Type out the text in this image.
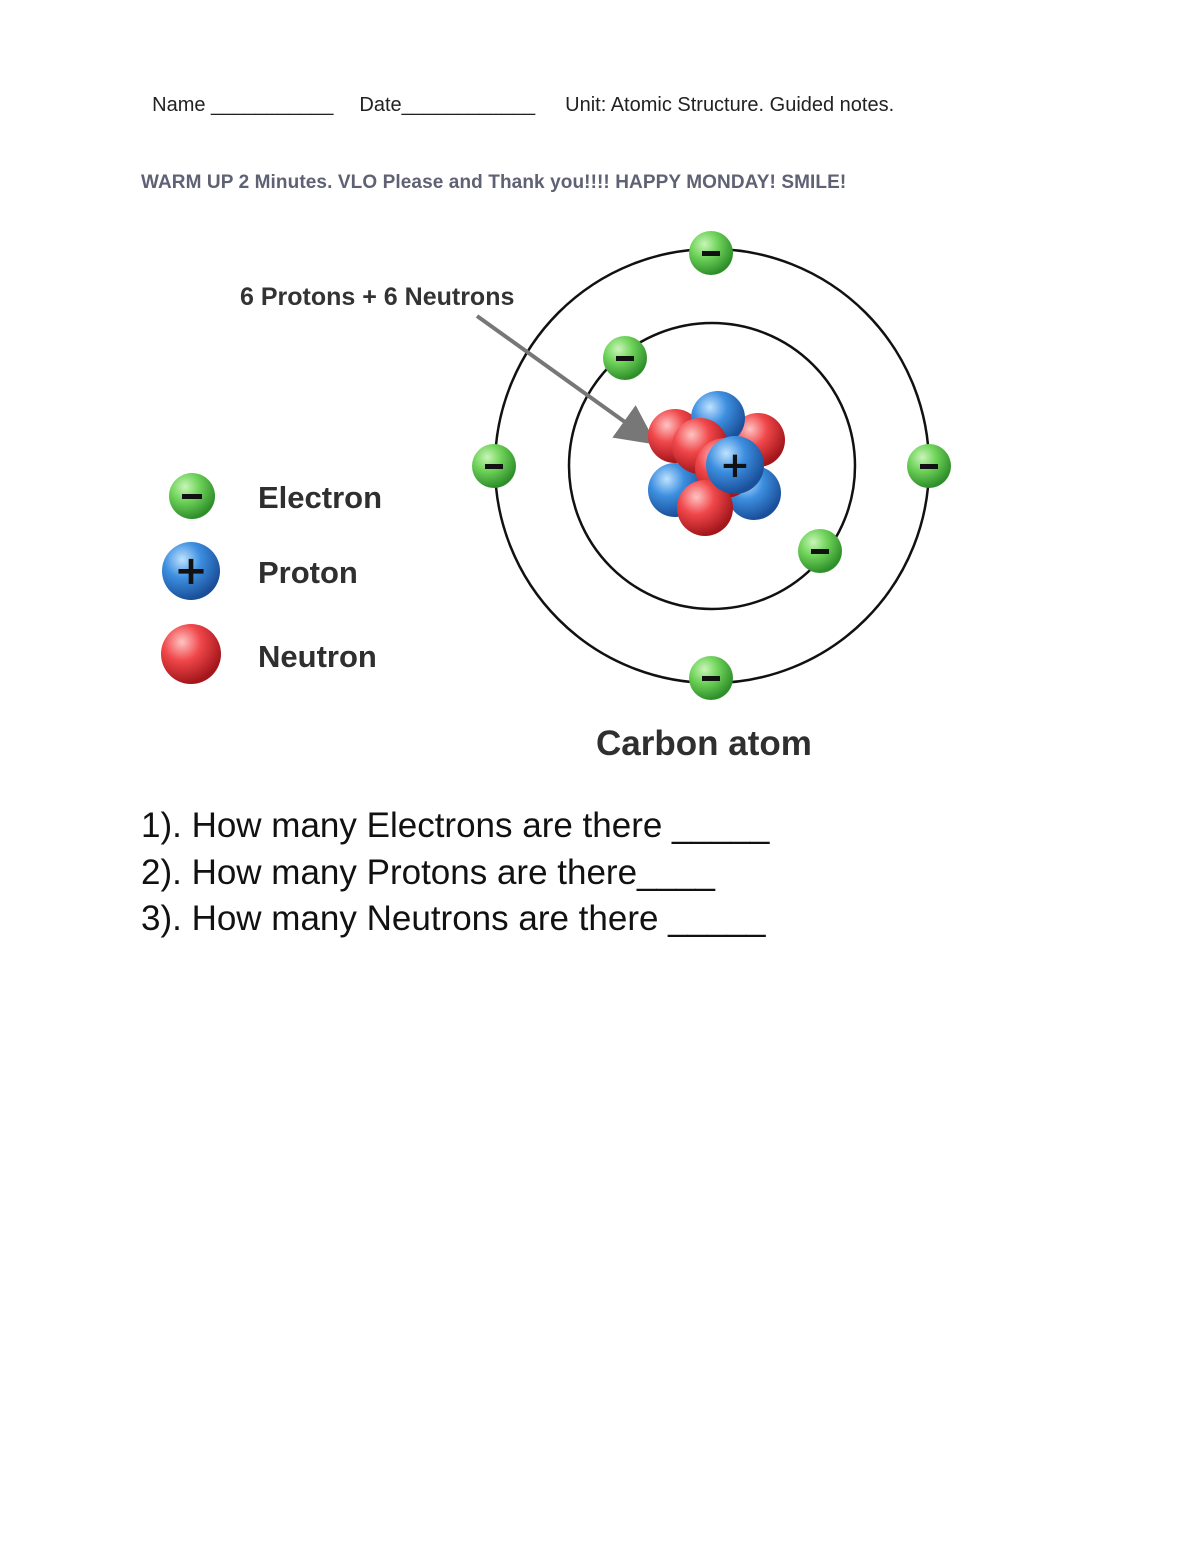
Name ___________ Date____________ Unit: Atomic Structure. Guided notes.

WARM UP 2 Minutes. VLO Please and Thank you!!!! HAPPY MONDAY! SMILE!
+
+
6 Protons + 6 Neutrons
Electron
Proton
Neutron
Carbon atom
1). How many Electrons are there _____
2). How many Protons are there____
3). How many Neutrons are there _____
